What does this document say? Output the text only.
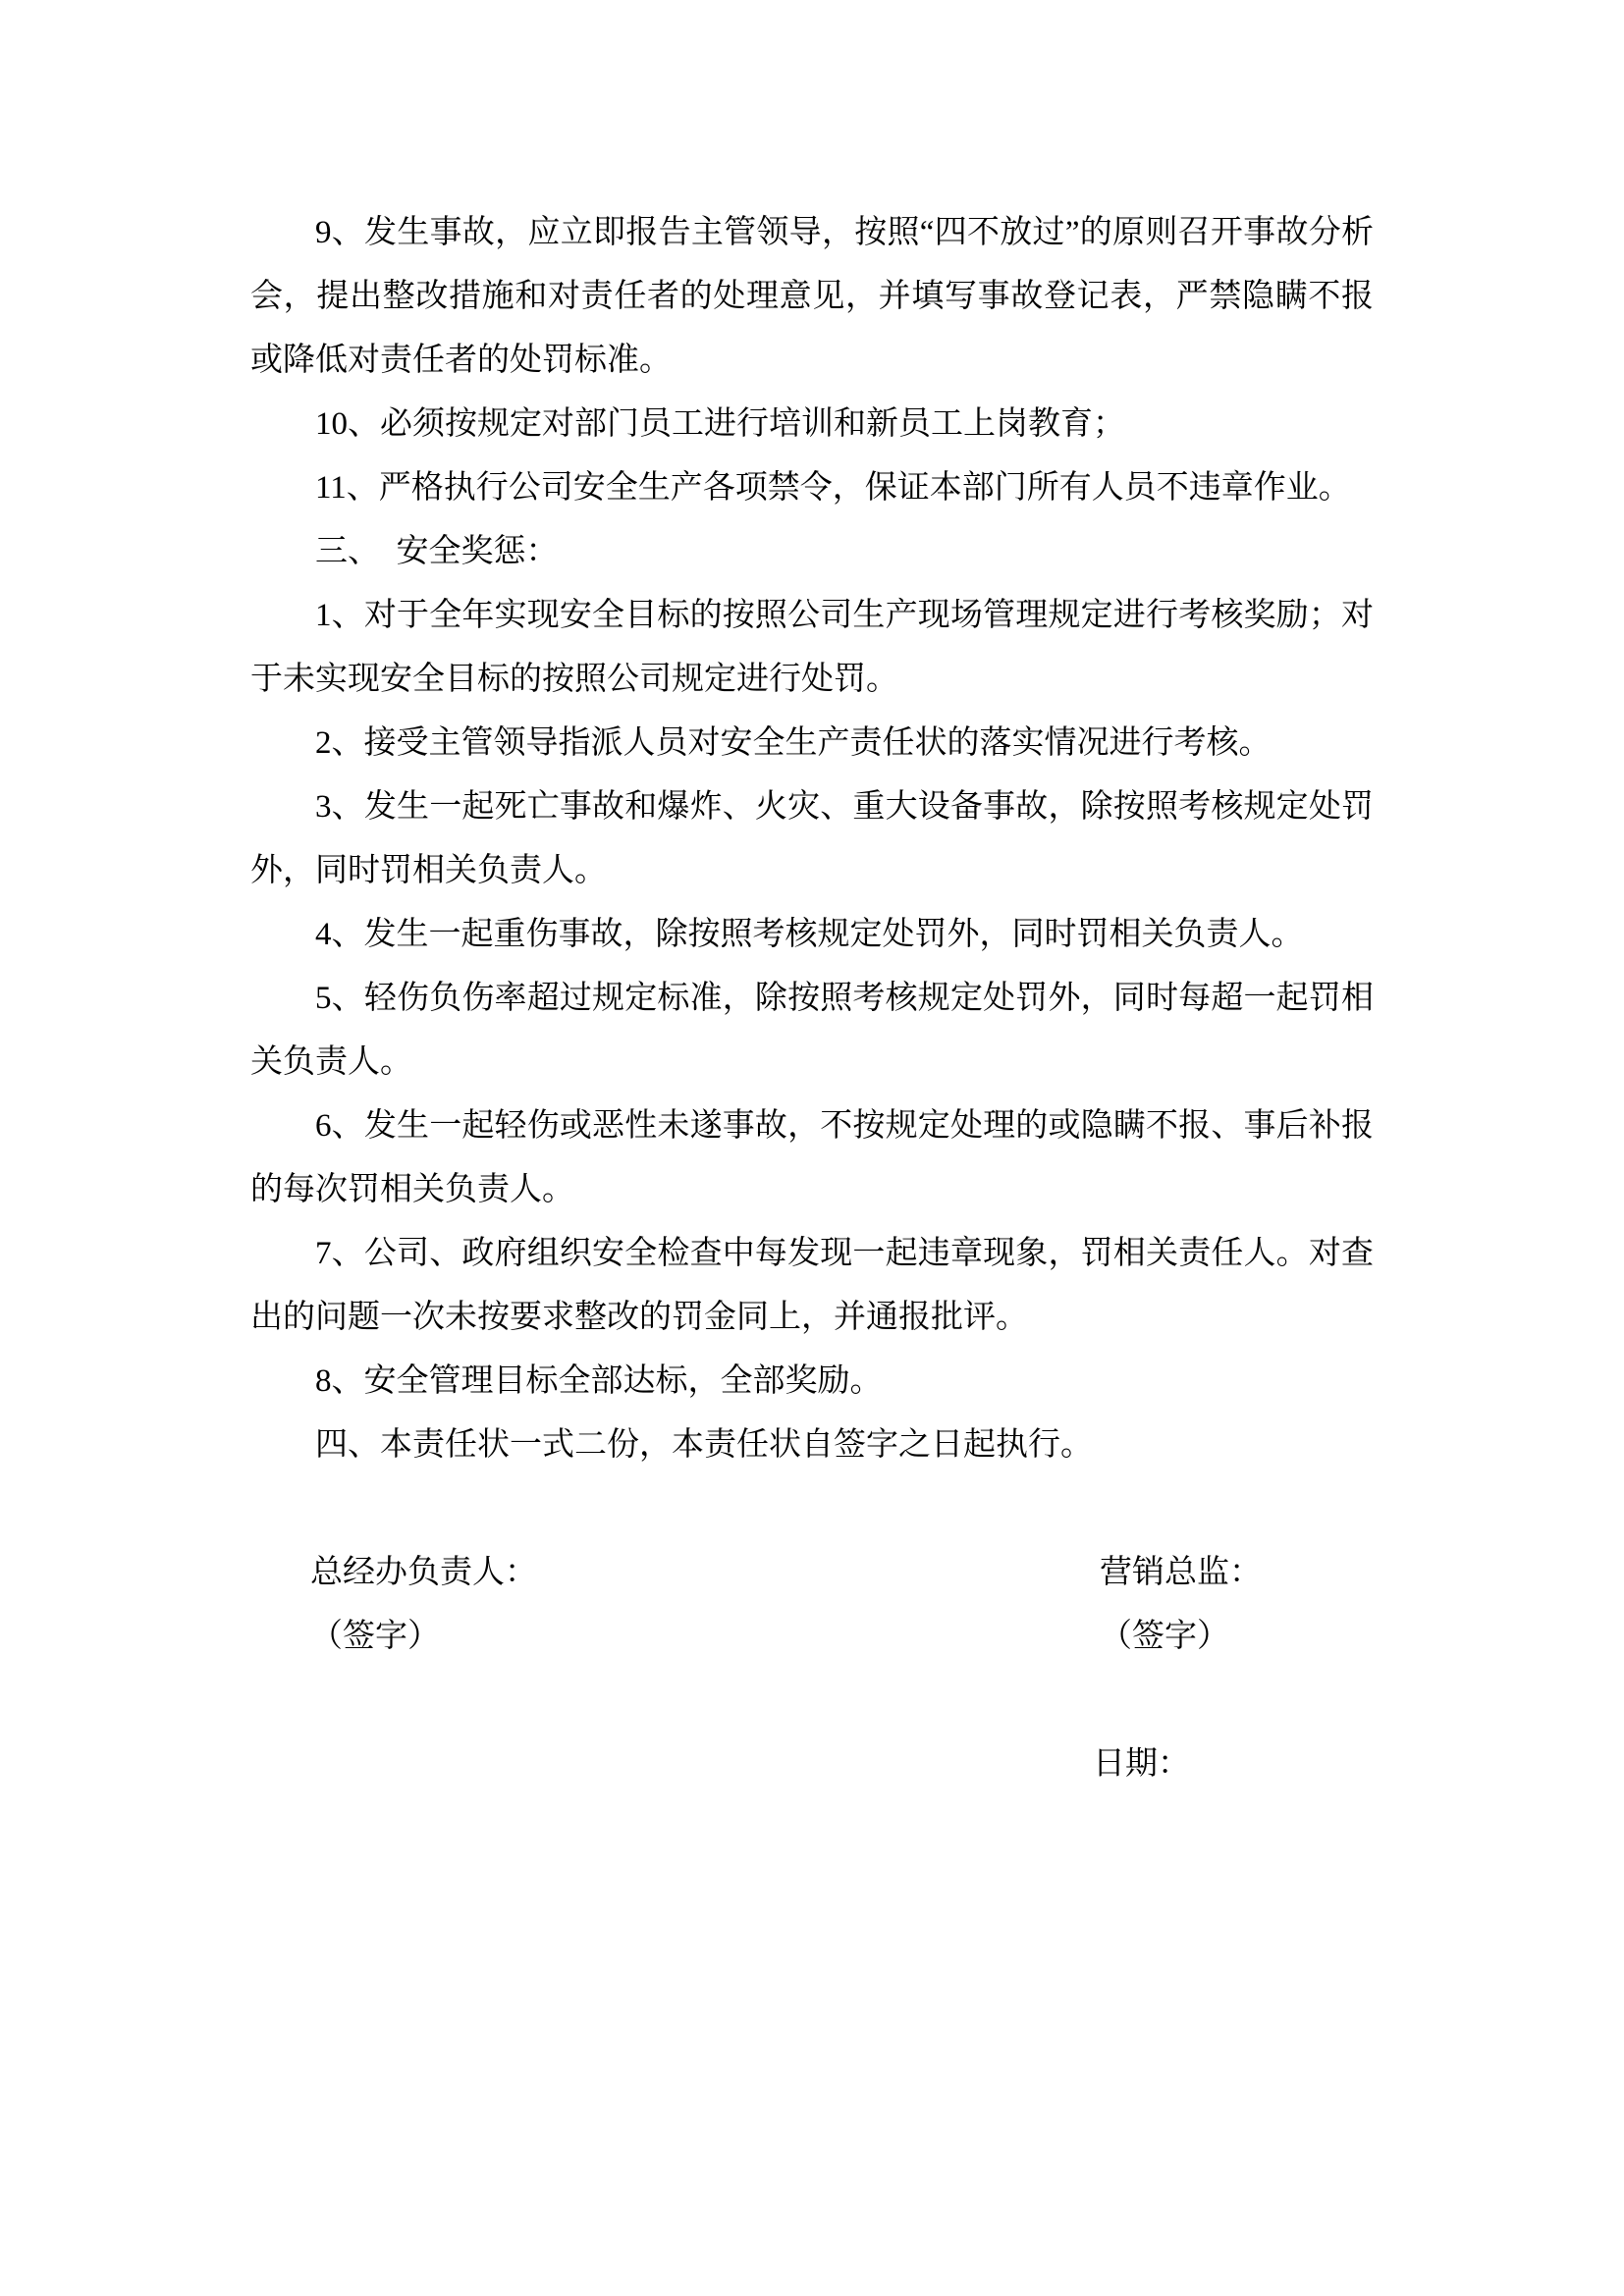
9、发生事故，应立即报告主管领导，按照“四不放过”的原则召开事故分析会，提出整改措施和对责任者的处理意见，并填写事故登记表，严禁隐瞒不报或降低对责任者的处罚标准。

10、必须按规定对部门员工进行培训和新员工上岗教育；

11、严格执行公司安全生产各项禁令，保证本部门所有人员不违章作业。

三、　安全奖惩：

1、对于全年实现安全目标的按照公司生产现场管理规定进行考核奖励；对于未实现安全目标的按照公司规定进行处罚。

2、接受主管领导指派人员对安全生产责任状的落实情况进行考核。

3、发生一起死亡事故和爆炸、火灾、重大设备事故，除按照考核规定处罚外，同时罚相关负责人。

4、发生一起重伤事故，除按照考核规定处罚外，同时罚相关负责人。

5、轻伤负伤率超过规定标准，除按照考核规定处罚外，同时每超一起罚相关负责人。

6、发生一起轻伤或恶性未遂事故，不按规定处理的或隐瞒不报、事后补报的每次罚相关负责人。

7、公司、政府组织安全检查中每发现一起违章现象，罚相关责任人。对查出的问题一次未按要求整改的罚金同上，并通报批评。

8、安全管理目标全部达标，全部奖励。

四、本责任状一式二份，本责任状自签字之日起执行。

总经办负责人：	营销总监：
（签字）	（签字）
日期：
